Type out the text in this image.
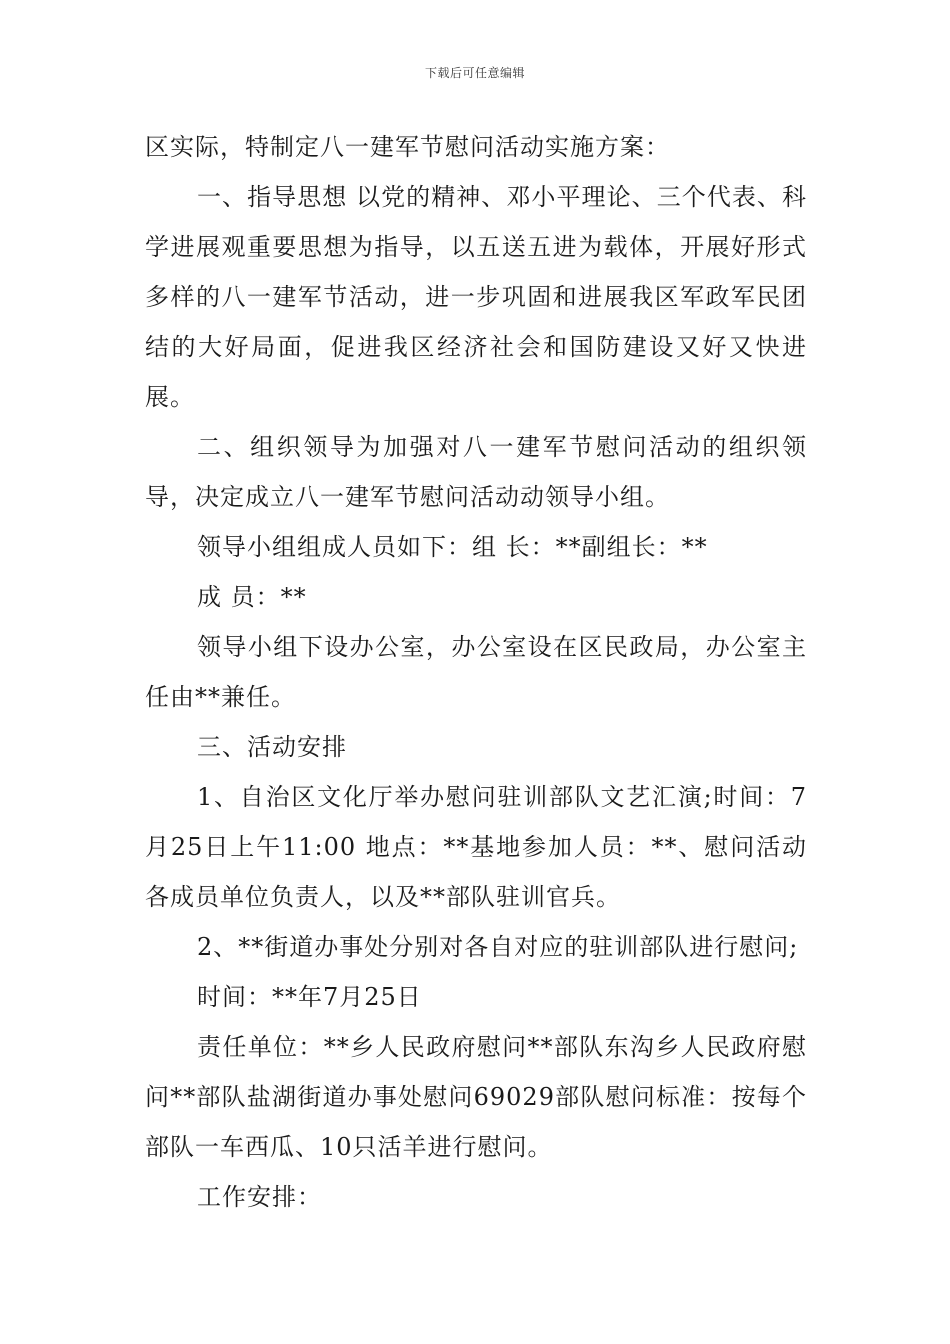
下载后可任意编辑

区实际，特制定八一建军节慰问活动实施方案：

一、指导思想 以党的精神、邓小平理论、三个代表、科学进展观重要思想为指导，以五送五进为载体，开展好形式多样的八一建军节活动，进一步巩固和进展我区军政军民团结的大好局面，促进我区经济社会和国防建设又好又快进展。

二、组织领导为加强对八一建军节慰问活动的组织领导，决定成立八一建军节慰问活动动领导小组。

领导小组组成人员如下：组 长：**副组长：**

成 员：**

领导小组下设办公室，办公室设在区民政局，办公室主任由**兼任。

三、活动安排

1、自治区文化厅举办慰问驻训部队文艺汇演;时间：7月25日上午11:00 地点：**基地参加人员：**、慰问活动各成员单位负责人，以及**部队驻训官兵。

2、**街道办事处分别对各自对应的驻训部队进行慰问;

时间：**年7月25日

责任单位：**乡人民政府慰问**部队东沟乡人民政府慰问**部队盐湖街道办事处慰问69029部队慰问标准：按每个部队一车西瓜、10只活羊进行慰问。

工作安排：
